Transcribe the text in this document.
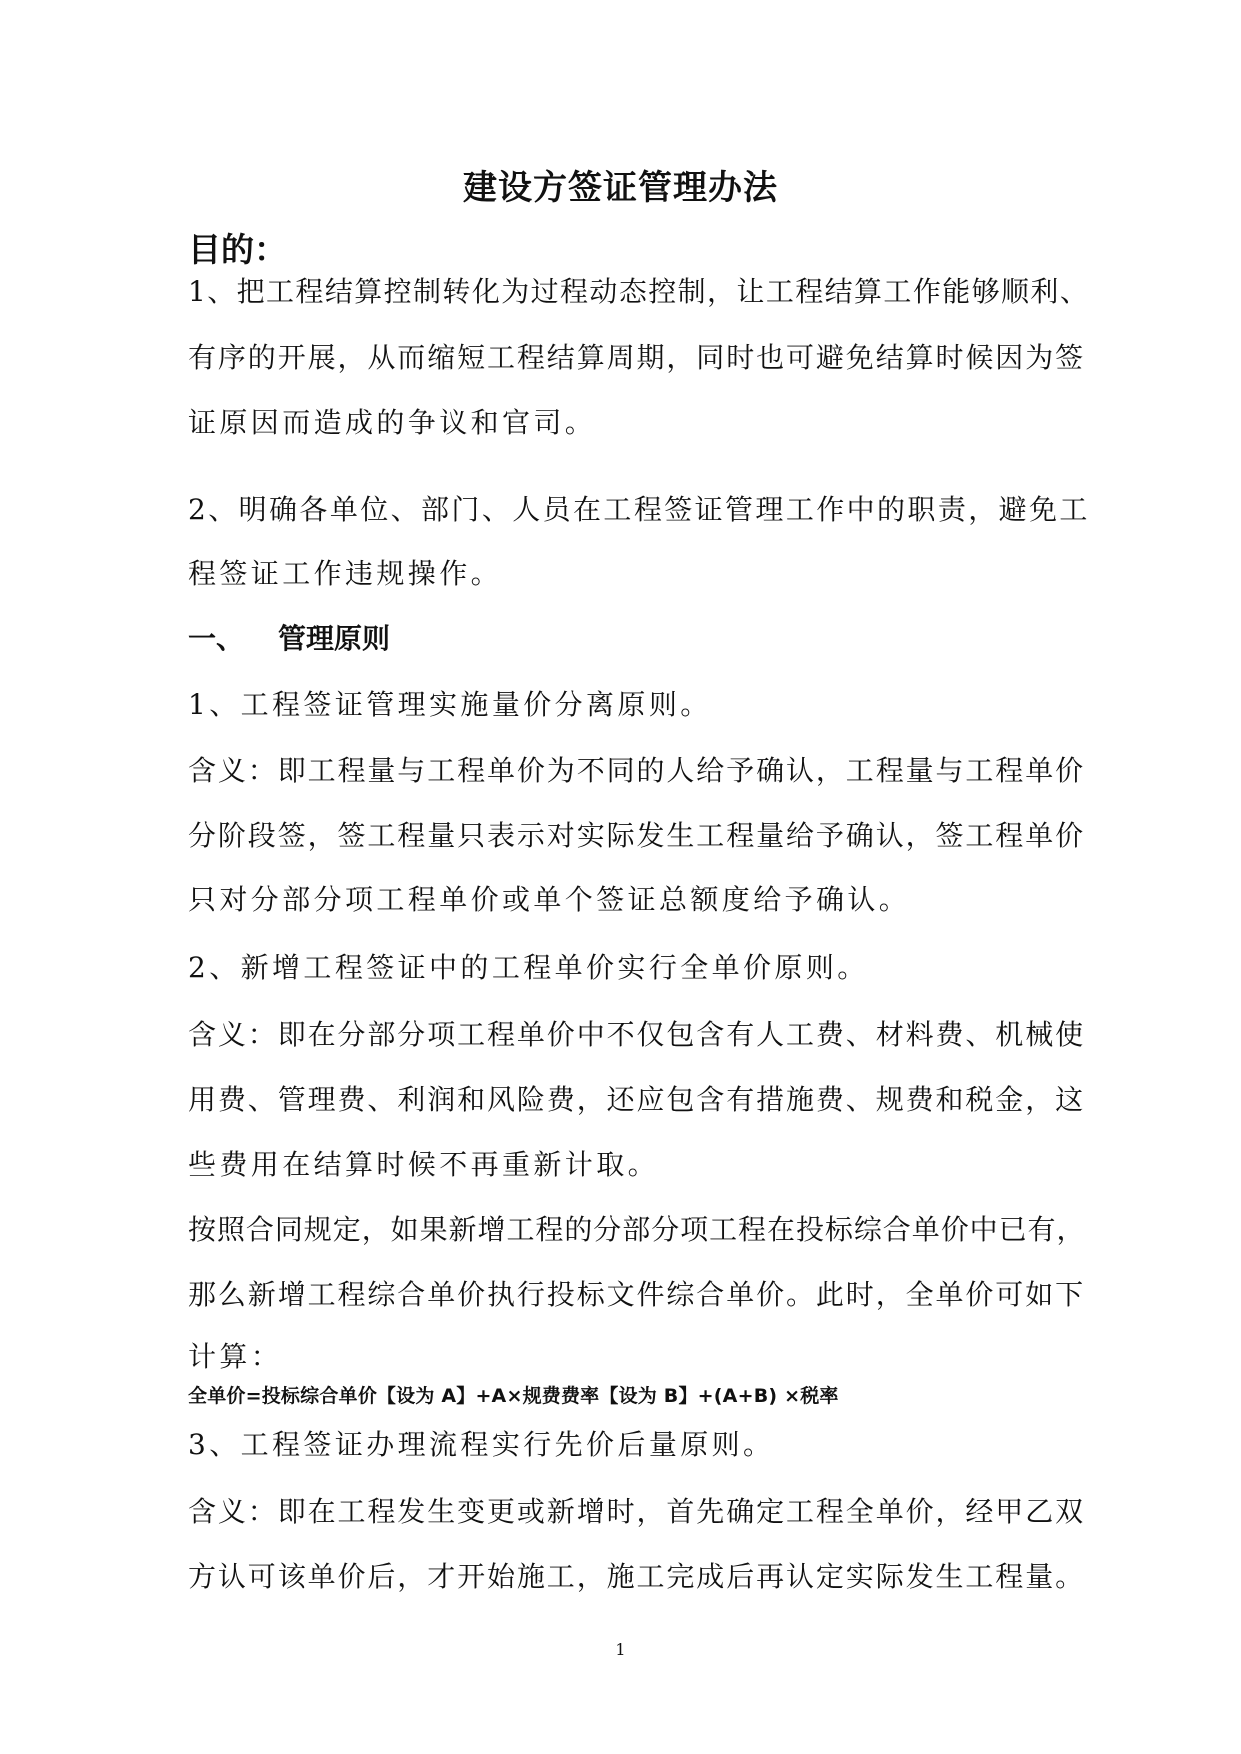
建设方签证管理办法
目的：
1、把工程结算控制转化为过程动态控制，让工程结算工作能够顺利、
有序的开展，从而缩短工程结算周期，同时也可避免结算时候因为签
证原因而造成的争议和官司。
2、明确各单位、部门、人员在工程签证管理工作中的职责，避免工
程签证工作违规操作。
一、 管理原则
1、工程签证管理实施量价分离原则。
含义：即工程量与工程单价为不同的人给予确认，工程量与工程单价
分阶段签，签工程量只表示对实际发生工程量给予确认，签工程单价
只对分部分项工程单价或单个签证总额度给予确认。
2、新增工程签证中的工程单价实行全单价原则。
含义：即在分部分项工程单价中不仅包含有人工费、材料费、机械使
用费、管理费、利润和风险费，还应包含有措施费、规费和税金，这
些费用在结算时候不再重新计取。
按照合同规定，如果新增工程的分部分项工程在投标综合单价中已有，
那么新增工程综合单价执行投标文件综合单价。此时，全单价可如下
计算：
全单价=投标综合单价【设为 A】+A×规费费率【设为 B】+(A+B) ×税率
3、工程签证办理流程实行先价后量原则。
含义：即在工程发生变更或新增时，首先确定工程全单价，经甲乙双
方认可该单价后，才开始施工，施工完成后再认定实际发生工程量。
1
